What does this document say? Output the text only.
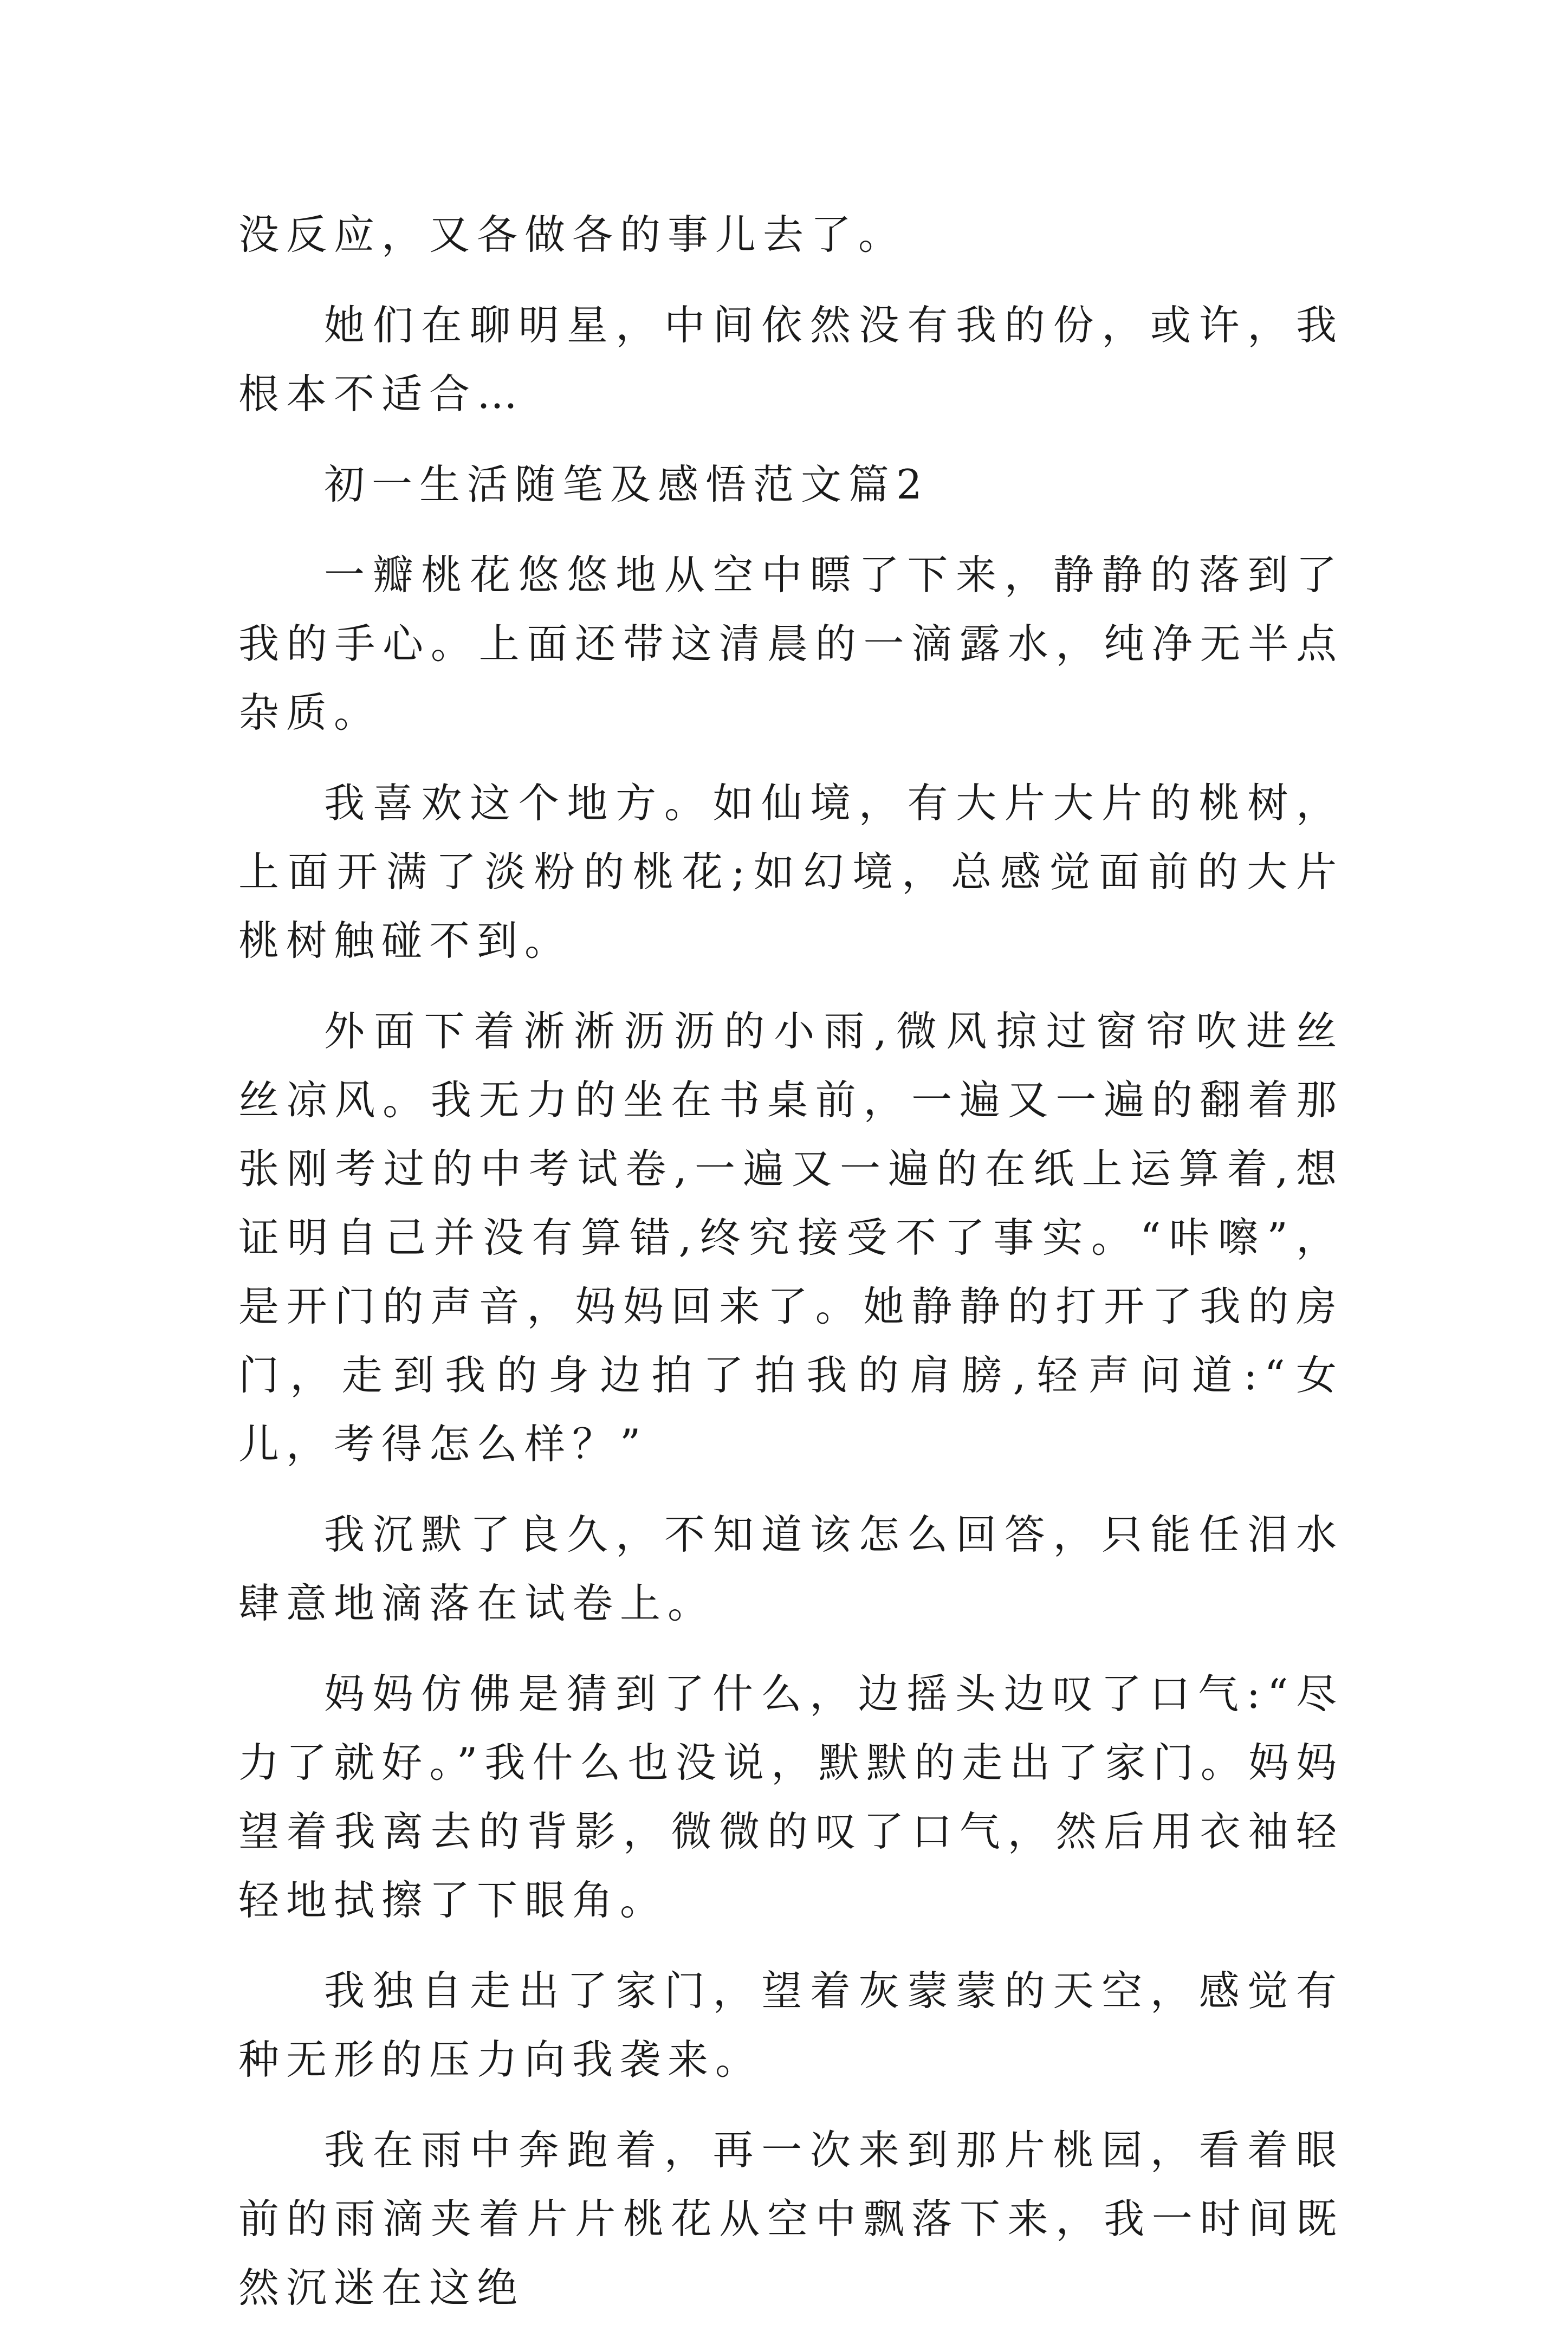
没反应，又各做各的事儿去了。

她们在聊明星，中间依然没有我的份，或许，我根本不适合…

初一生活随笔及感悟范文篇2

一瓣桃花悠悠地从空中瞟了下来，静静的落到了我的手心。上面还带这清晨的一滴露水，纯净无半点杂质。

我喜欢这个地方。如仙境，有大片大片的桃树，上面开满了淡粉的桃花;如幻境，总感觉面前的大片桃树触碰不到。

外面下着淅淅沥沥的小雨,微风掠过窗帘吹进丝丝凉风。我无力的坐在书桌前，一遍又一遍的翻着那张刚考过的中考试卷,一遍又一遍的在纸上运算着,想证明自己并没有算错,终究接受不了事实。“咔嚓”，是开门的声音，妈妈回来了。她静静的打开了我的房门，走到我的身边拍了拍我的肩膀,轻声问道:“女儿，考得怎么样？”

我沉默了良久，不知道该怎么回答，只能任泪水肆意地滴落在试卷上。

妈妈仿佛是猜到了什么，边摇头边叹了口气:“尽力了就好。”我什么也没说，默默的走出了家门。妈妈望着我离去的背影，微微的叹了口气，然后用衣袖轻轻地拭擦了下眼角。

我独自走出了家门，望着灰蒙蒙的天空，感觉有种无形的压力向我袭来。

我在雨中奔跑着，再一次来到那片桃园，看着眼前的雨滴夹着片片桃花从空中飘落下来，我一时间既然沉迷在这绝
